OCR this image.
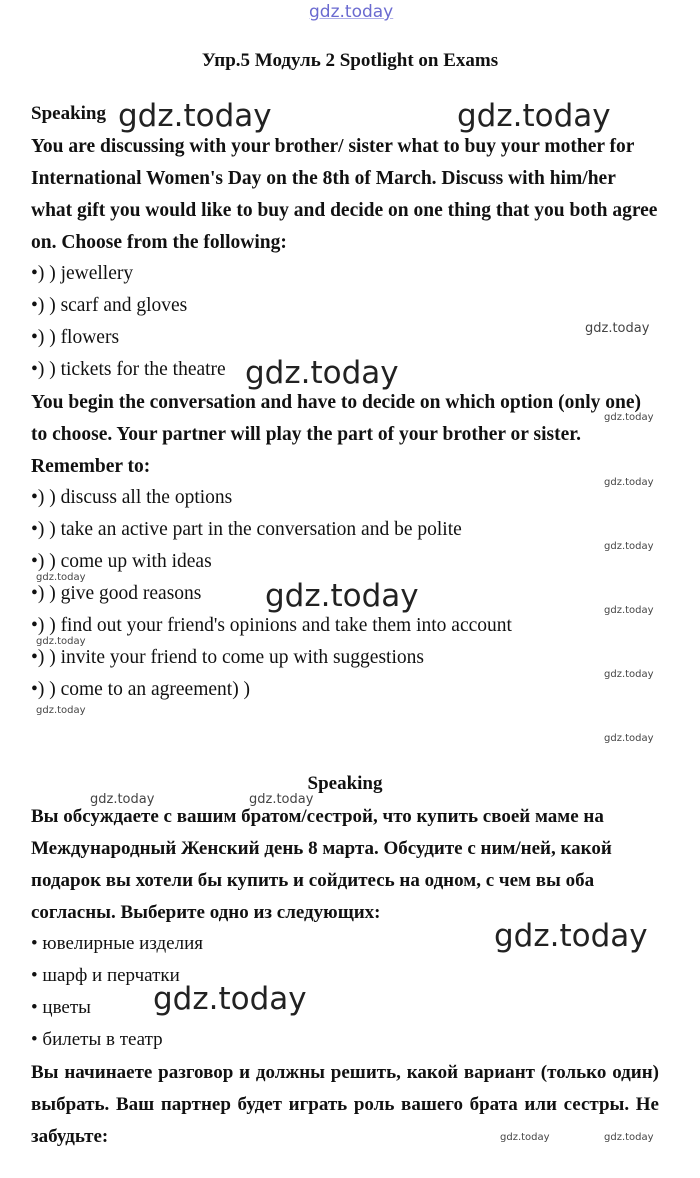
gdz.today
Упр.5 Модуль 2 Spotlight on Exams
Speaking
You are discussing with your brother/ sister what to buy your mother for International Women's Day on the 8th of March. Discuss with him/her what gift you would like to buy and decide on one thing that you both agree on. Choose from the following:
•) ) jewellery
•) ) scarf and gloves
•) ) flowers
•) ) tickets for the theatre
You begin the conversation and have to decide on which option (only one) to choose. Your partner will play the part of your brother or sister. Remember to:
•) ) discuss all the options
•) ) take an active part in the conversation and be polite
•) ) come up with ideas
•) ) give good reasons
•) ) find out your friend's opinions and take them into account
•) ) invite your friend to come up with suggestions
•) ) come to an agreement) )
Speaking
Вы обсуждаете с вашим братом/сестрой, что купить своей маме на Международный Женский день 8 марта. Обсудите с ним/ней, какой подарок вы хотели бы купить и сойдитесь на одном, с чем вы оба согласны. Выберите одно из следующих:
• ювелирные изделия
• шарф и перчатки
• цветы
• билеты в театр
Вы начинаете разговор и должны решить, какой вариант (только один) выбрать. Ваш партнер будет играть роль вашего брата или сестры. Не забудьте:
gdz.today	gdz.today
gdz.today
gdz.today
gdz.today
gdz.today
gdz.today
gdz.today	gdz.today
gdz.today
gdz.today
gdz.today
gdz.today
gdz.today
gdz.today
gdz.today
gdz.today
gdz.today
gdz.today	gdz.today
